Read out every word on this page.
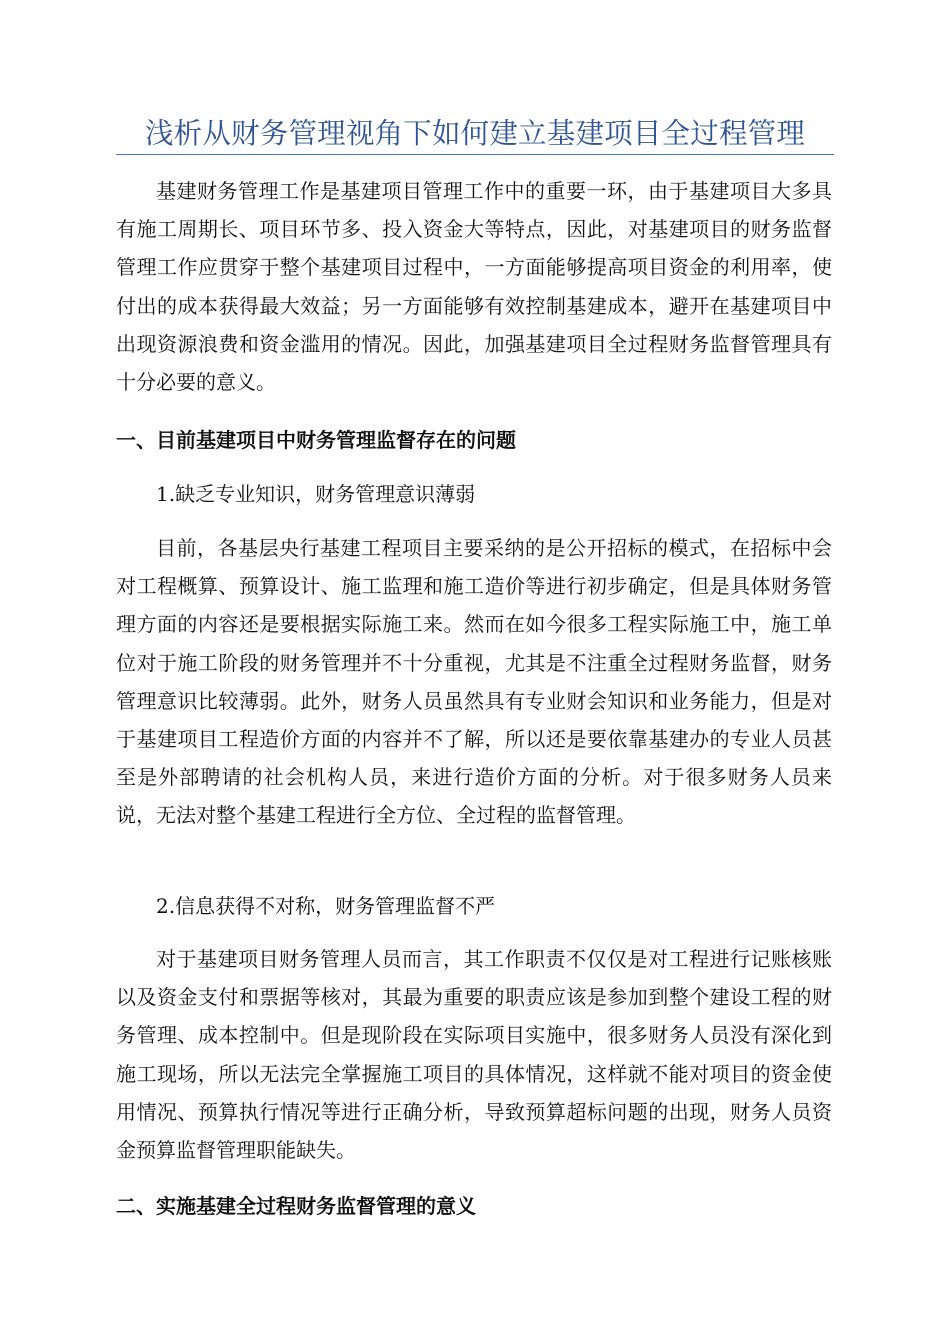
浅析从财务管理视角下如何建立基建项目全过程管理
基建财务管理工作是基建项目管理工作中的重要一环，由于基建项目大多具有施工周期长、项目环节多、投入资金大等特点，因此，对基建项目的财务监督管理工作应贯穿于整个基建项目过程中，一方面能够提高项目资金的利用率，使付出的成本获得最大效益；另一方面能够有效控制基建成本，避开在基建项目中出现资源浪费和资金滥用的情况。因此，加强基建项目全过程财务监督管理具有十分必要的意义。
一、目前基建项目中财务管理监督存在的问题
1.缺乏专业知识，财务管理意识薄弱
目前，各基层央行基建工程项目主要采纳的是公开招标的模式，在招标中会对工程概算、预算设计、施工监理和施工造价等进行初步确定，但是具体财务管理方面的内容还是要根据实际施工来。然而在如今很多工程实际施工中，施工单位对于施工阶段的财务管理并不十分重视，尤其是不注重全过程财务监督，财务管理意识比较薄弱。此外，财务人员虽然具有专业财会知识和业务能力，但是对于基建项目工程造价方面的内容并不了解，所以还是要依靠基建办的专业人员甚至是外部聘请的社会机构人员，来进行造价方面的分析。对于很多财务人员来说，无法对整个基建工程进行全方位、全过程的监督管理。
2.信息获得不对称，财务管理监督不严
对于基建项目财务管理人员而言，其工作职责不仅仅是对工程进行记账核账以及资金支付和票据等核对，其最为重要的职责应该是参加到整个建设工程的财务管理、成本控制中。但是现阶段在实际项目实施中，很多财务人员没有深化到施工现场，所以无法完全掌握施工项目的具体情况，这样就不能对项目的资金使用情况、预算执行情况等进行正确分析，导致预算超标问题的出现，财务人员资金预算监督管理职能缺失。
二、实施基建全过程财务监督管理的意义
